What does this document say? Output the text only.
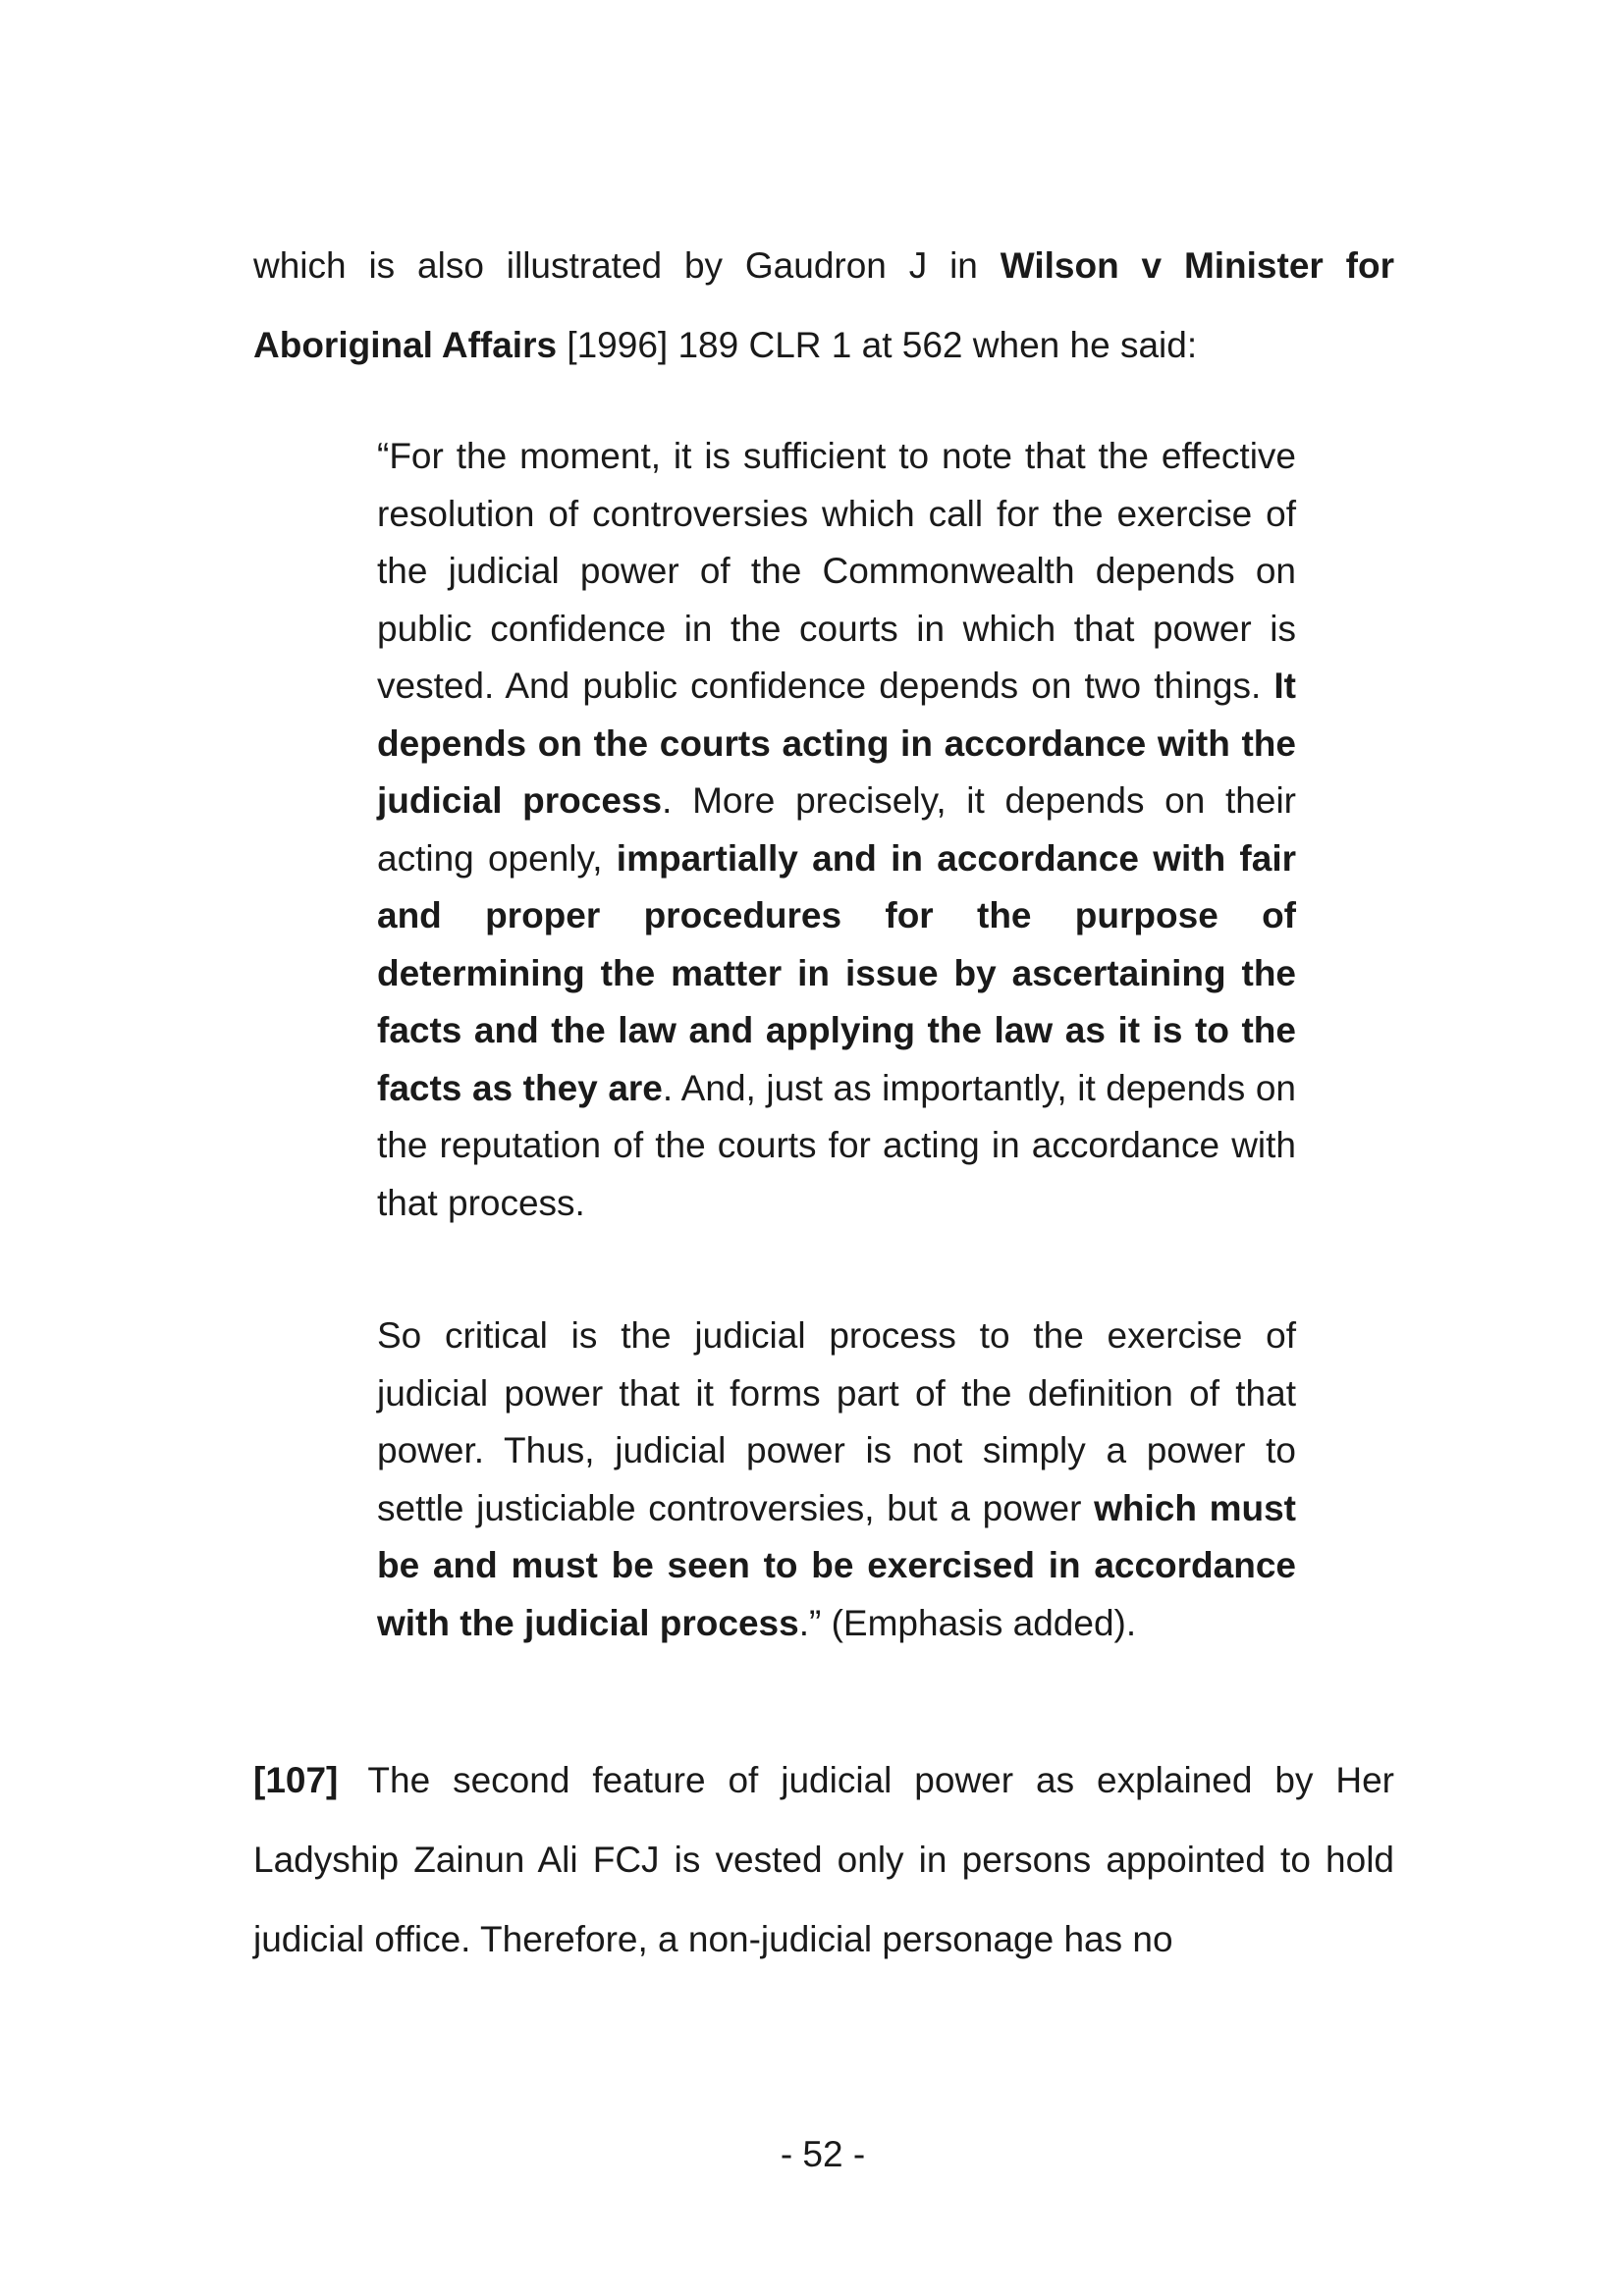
which is also illustrated by Gaudron J in Wilson v Minister for Aboriginal Affairs [1996] 189 CLR 1 at 562 when he said:

“For the moment, it is sufficient to note that the effective resolution of controversies which call for the exercise of the judicial power of the Commonwealth depends on public confidence in the courts in which that power is vested. And public confidence depends on two things. It depends on the courts acting in accordance with the judicial process. More precisely, it depends on their acting openly, impartially and in accordance with fair and proper procedures for the purpose of determining the matter in issue by ascertaining the facts and the law and applying the law as it is to the facts as they are. And, just as importantly, it depends on the reputation of the courts for acting in accordance with that process.

So critical is the judicial process to the exercise of judicial power that it forms part of the definition of that power. Thus, judicial power is not simply a power to settle justiciable controversies, but a power which must be and must be seen to be exercised in accordance with the judicial process.” (Emphasis added).

[107] The second feature of judicial power as explained by Her Ladyship Zainun Ali FCJ is vested only in persons appointed to hold judicial office. Therefore, a non-judicial personage has no

- 52 -
